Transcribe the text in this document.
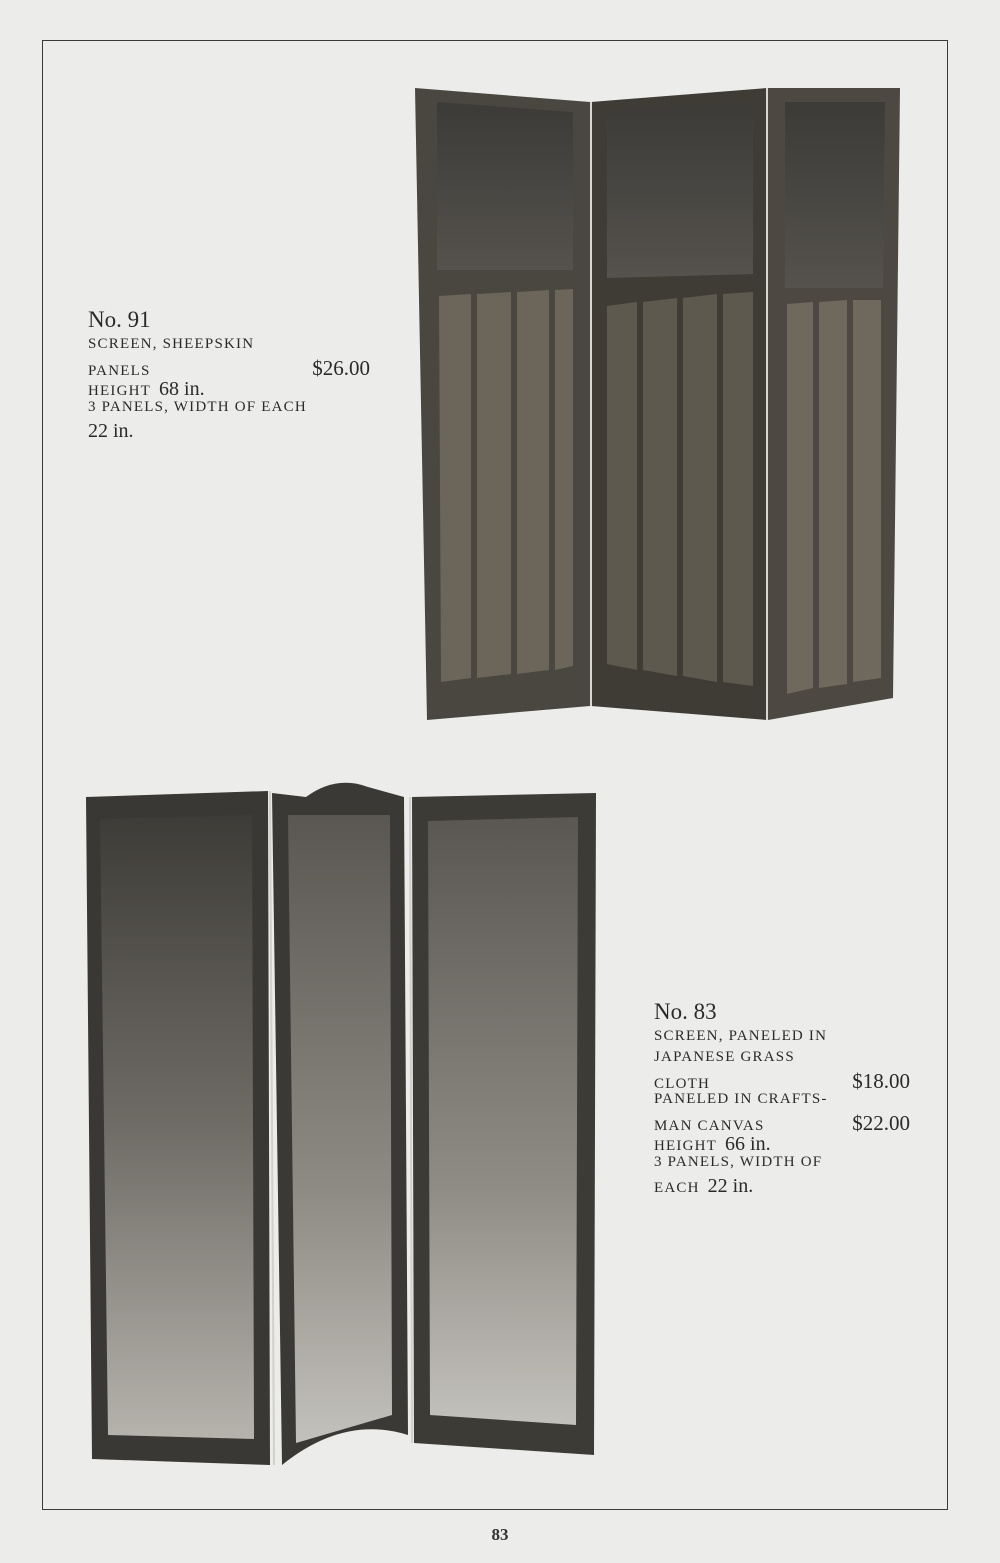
No. 91
SCREEN, SHEEPSKIN
PANELS	$26.00
HEIGHT 68 in.
3 PANELS, WIDTH OF EACH
22 in.
No. 83
SCREEN, PANELED IN
JAPANESE GRASS
CLOTH	$18.00
PANELED IN CRAFTS-
MAN CANVAS	$22.00
HEIGHT 66 in.
3 PANELS, WIDTH OF
EACH 22 in.
83
